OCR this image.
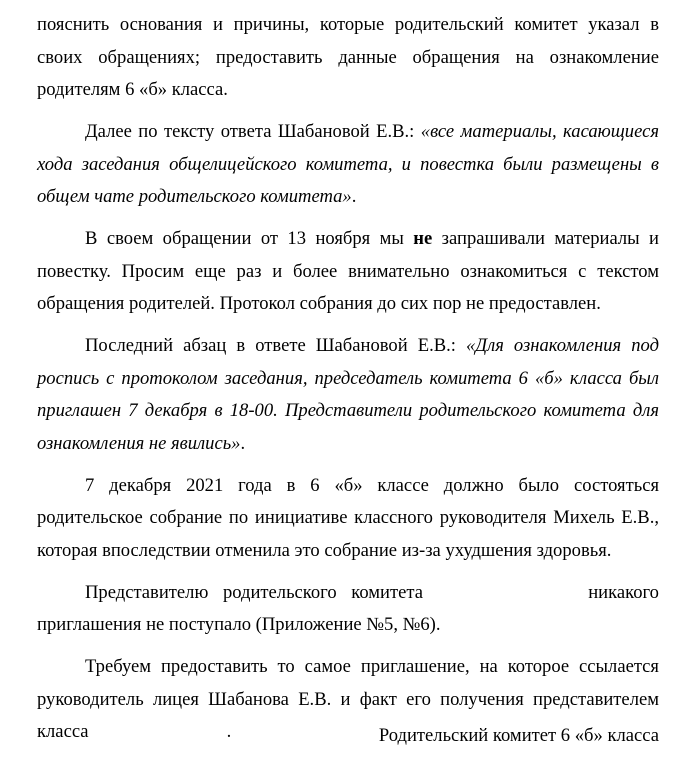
пояснить основания и причины, которые родительский комитет указал в своих обращениях; предоставить данные обращения на ознакомление родителям 6 «б» класса.

Далее по тексту ответа Шабановой Е.В.: «все материалы, касающиеся хода заседания общелицейского комитета, и повестка были размещены в общем чате родительского комитета».

В своем обращении от 13 ноября мы не запрашивали материалы и повестку. Просим еще раз и более внимательно ознакомиться с текстом обращения родителей. Протокол собрания до сих пор не предоставлен.

Последний абзац в ответе Шабановой Е.В.: «Для ознакомления под роспись с протоколом заседания, председатель комитета 6 «б» класса был приглашен 7 декабря в 18-00. Представители родительского комитета для ознакомления не явились».

7 декабря 2021 года в 6 «б» классе должно было состояться родительское собрание по инициативе классного руководителя Михель Е.В., которая впоследствии отменила это собрание из-за ухудшения здоровья.

Представителю родительского комитета	никакого приглашения не поступало (Приложение №5, №6).

Требуем предоставить то самое приглашение, на которое ссылается руководитель лицея Шабанова Е.В. и факт его получения представителем класса	.	Родительский комитет 6 «б» класса
